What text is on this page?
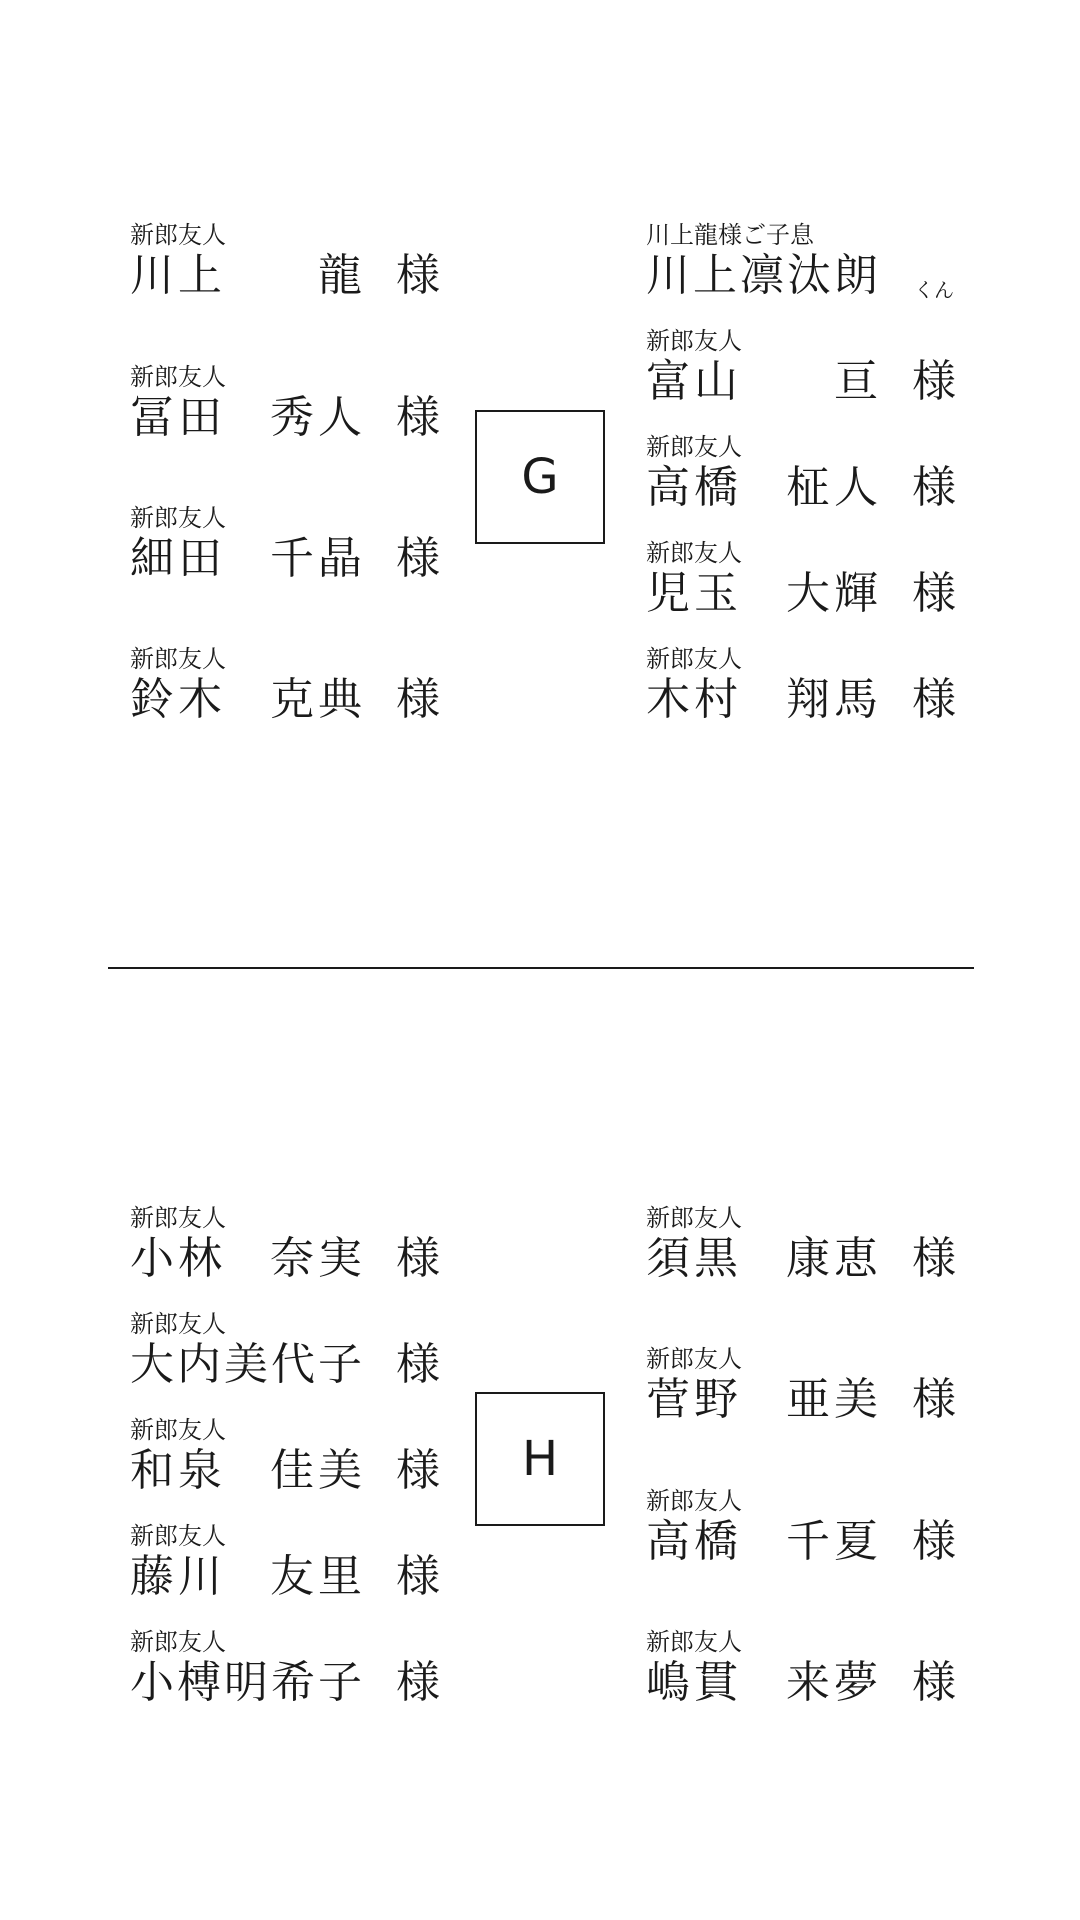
新郎友人
川上 龍 様
新郎友人
冨田 秀人 様
新郎友人
細田 千晶 様
新郎友人
鈴木 克典 様
G
川上龍様ご子息
川上凛汰朗 くん
新郎友人
富山 亘 様
新郎友人
高橋 柾人 様
新郎友人
児玉 大輝 様
新郎友人
木村 翔馬 様
新郎友人
小林 奈実 様
新郎友人
大内美代子 様
新郎友人
和泉 佳美 様
新郎友人
藤川 友里 様
新郎友人
小榑明希子 様
H
新郎友人
須黒 康恵 様
新郎友人
菅野 亜美 様
新郎友人
高橋 千夏 様
新郎友人
嶋貫 来夢 様
